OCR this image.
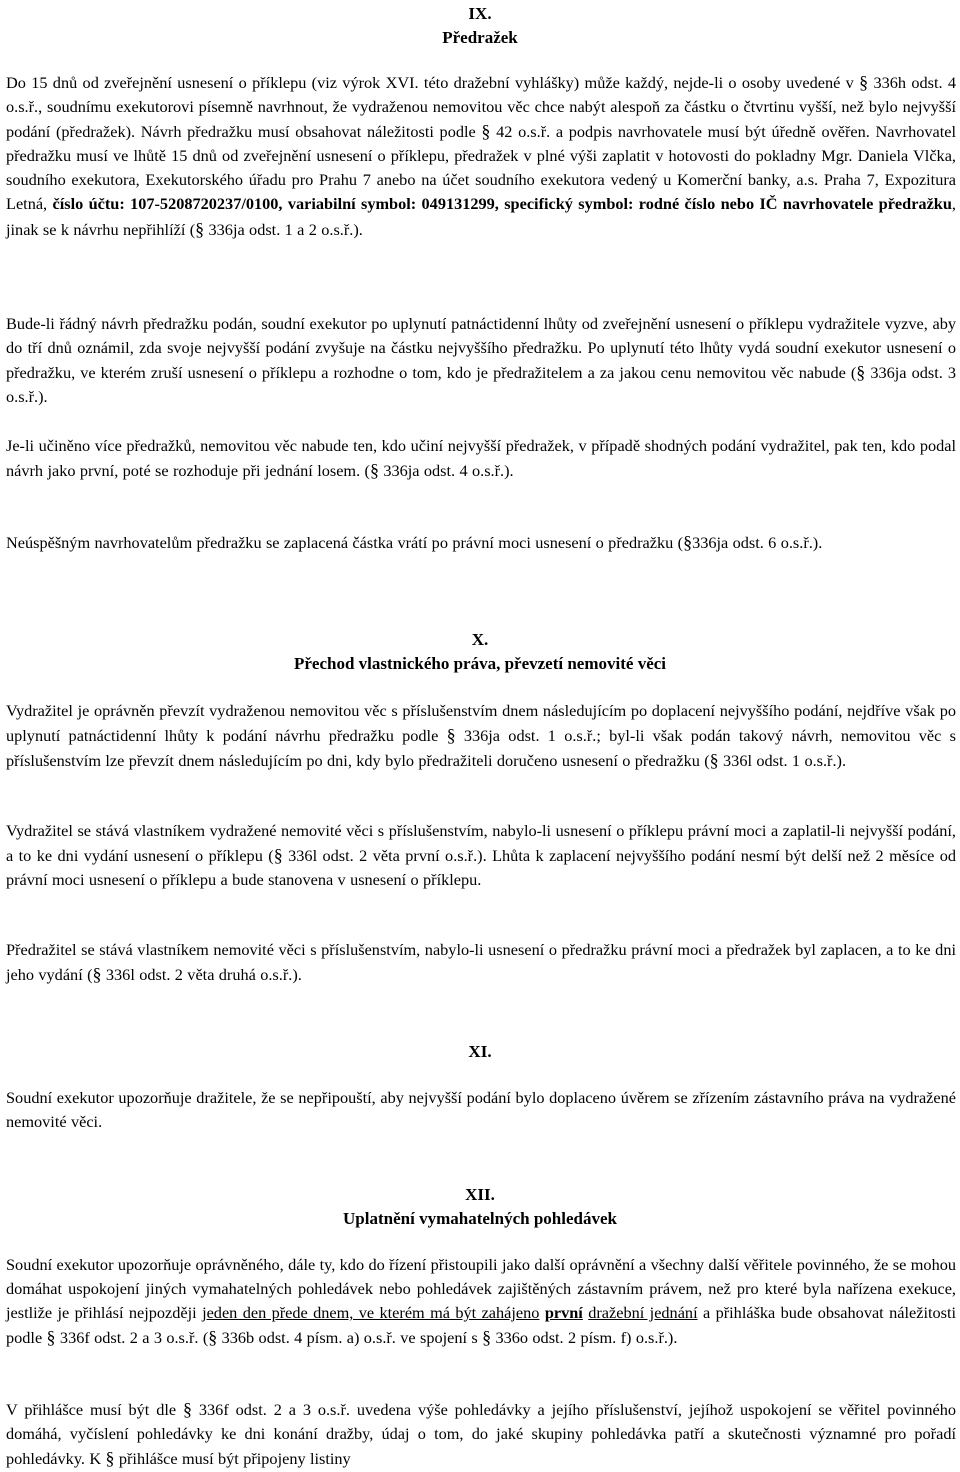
IX.
Předražek
Do 15 dnů od zveřejnění usnesení o příklepu (viz výrok XVI. této dražební vyhlášky) může každý, nejde-li o osoby uvedené v § 336h odst. 4 o.s.ř., soudnímu exekutorovi písemně navrhnout, že vydraženou nemovitou věc chce nabýt alespoň za částku o čtvrtinu vyšší, než bylo nejvyšší podání (předražek). Návrh předražku musí obsahovat náležitosti podle § 42 o.s.ř. a podpis navrhovatele musí být úředně ověřen. Navrhovatel předražku musí ve lhůtě 15 dnů od zveřejnění usnesení o příklepu, předražek v plné výši zaplatit v hotovosti do pokladny Mgr. Daniela Vlčka, soudního exekutora, Exekutorského úřadu pro Prahu 7 anebo na účet soudního exekutora vedený u Komerční banky, a.s. Praha 7, Expozitura Letná, číslo účtu: 107-5208720237/0100, variabilní symbol: 049131299, specifický symbol: rodné číslo nebo IČ navrhovatele předražku, jinak se k návrhu nepřihlíží (§ 336ja odst. 1 a 2 o.s.ř.).
Bude-li řádný návrh předražku podán, soudní exekutor po uplynutí patnáctidenní lhůty od zveřejnění usnesení o příklepu vydražitele vyzve, aby do tří dnů oznámil, zda svoje nejvyšší podání zvyšuje na částku nejvyššího předražku. Po uplynutí této lhůty vydá soudní exekutor usnesení o předražku, ve kterém zruší usnesení o příklepu a rozhodne o tom, kdo je předražitelem a za jakou cenu nemovitou věc nabude (§ 336ja odst. 3 o.s.ř.).
Je-li učiněno více předražků, nemovitou věc nabude ten, kdo učiní nejvyšší předražek, v případě shodných podání vydražitel, pak ten, kdo podal návrh jako první, poté se rozhoduje při jednání losem. (§ 336ja odst. 4 o.s.ř.).
Neúspěšným navrhovatelům předražku se zaplacená částka vrátí po právní moci usnesení o předražku (§336ja odst. 6 o.s.ř.).
X.
Přechod vlastnického práva, převzetí nemovité věci
Vydražitel je oprávněn převzít vydraženou nemovitou věc s příslušenstvím dnem následujícím po doplacení nejvyššího podání, nejdříve však po uplynutí patnáctidenní lhůty k podání návrhu předražku podle § 336ja odst. 1 o.s.ř.; byl-li však podán takový návrh, nemovitou věc s příslušenstvím lze převzít dnem následujícím po dni, kdy bylo předražiteli doručeno usnesení o předražku (§ 336l odst. 1 o.s.ř.).
Vydražitel se stává vlastníkem vydražené nemovité věci s příslušenstvím, nabylo-li usnesení o příklepu právní moci a zaplatil-li nejvyšší podání, a to ke dni vydání usnesení o příklepu (§ 336l odst. 2 věta první o.s.ř.). Lhůta k zaplacení nejvyššího podání nesmí být delší než 2 měsíce od právní moci usnesení o příklepu a bude stanovena v usnesení o příklepu.
Předražitel se stává vlastníkem nemovité věci s příslušenstvím, nabylo-li usnesení o předražku právní moci a předražek byl zaplacen, a to ke dni jeho vydání (§ 336l odst. 2 věta druhá o.s.ř.).
XI.
Soudní exekutor upozorňuje dražitele, že se nepřipouští, aby nejvyšší podání bylo doplaceno úvěrem se zřízením zástavního práva na vydražené nemovité věci.
XII.
Uplatnění vymahatelných pohledávek
Soudní exekutor upozorňuje oprávněného, dále ty, kdo do řízení přistoupili jako další oprávnění a všechny další věřitele povinného, že se mohou domáhat uspokojení jiných vymahatelných pohledávek nebo pohledávek zajištěných zástavním právem, než pro které byla nařízena exekuce, jestliže je přihlásí nejpozději jeden den přede dnem, ve kterém má být zahájeno první dražební jednání a přihláška bude obsahovat náležitosti podle § 336f odst. 2 a 3 o.s.ř. (§ 336b odst. 4 písm. a) o.s.ř. ve spojení s § 336o odst. 2 písm. f) o.s.ř.).
V přihlášce musí být dle § 336f odst. 2 a 3 o.s.ř. uvedena výše pohledávky a jejího příslušenství, jejíhož uspokojení se věřitel povinného domáhá, vyčíslení pohledávky ke dni konání dražby, údaj o tom, do jaké skupiny pohledávka patří a skutečnosti významné pro pořadí pohledávky. K § přihlášce musí být připojeny listiny
